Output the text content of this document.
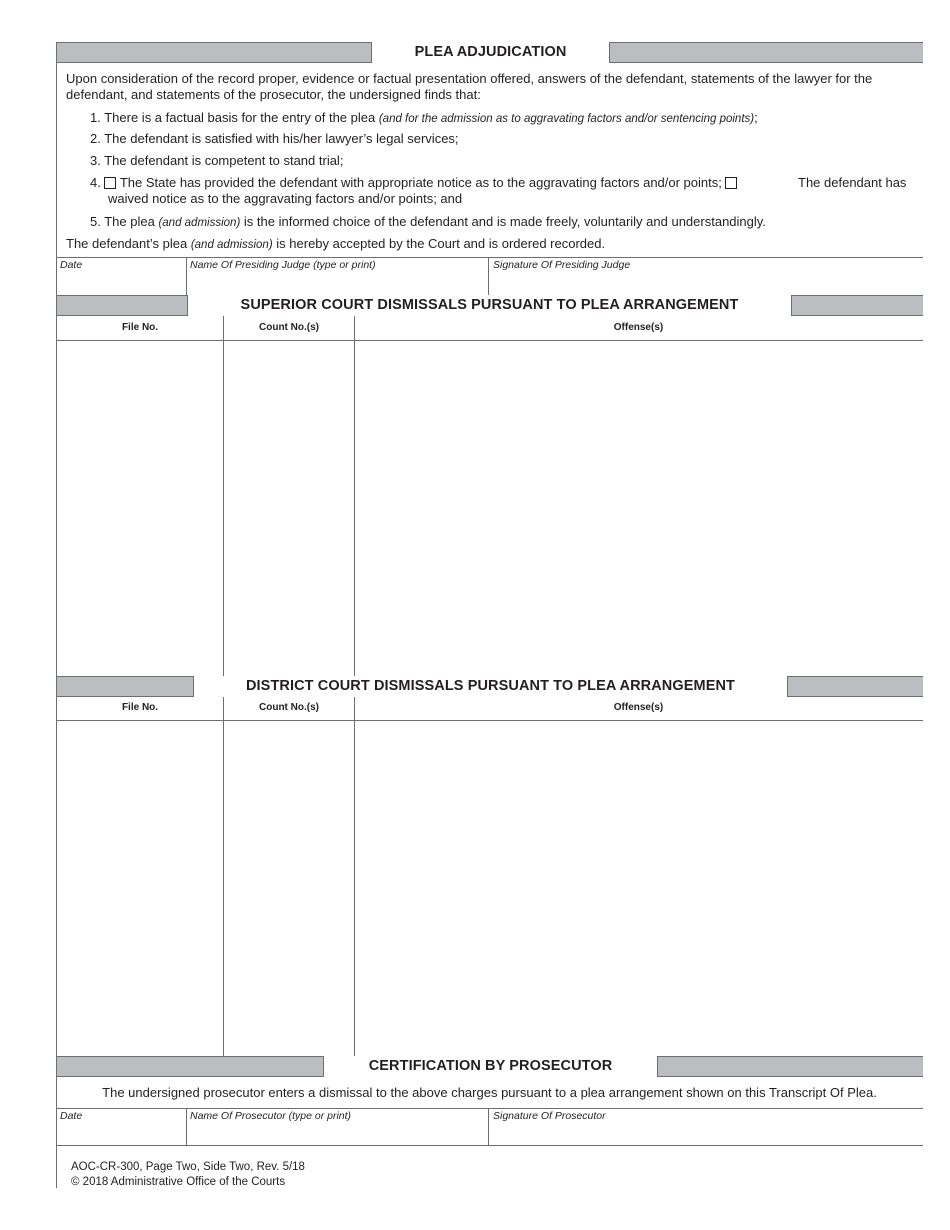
PLEA ADJUDICATION
Upon consideration of the record proper, evidence or factual presentation offered, answers of the defendant, statements of the lawyer for the defendant, and statements of the prosecutor, the undersigned finds that:
1. There is a factual basis for the entry of the plea (and for the admission as to aggravating factors and/or sentencing points);
2. The defendant is satisfied with his/her lawyer’s legal services;
3. The defendant is competent to stand trial;
4. The State has provided the defendant with appropriate notice as to the aggravating factors and/or points;	The defendant has waived notice as to the aggravating factors and/or points; and
5. The plea (and admission) is the informed choice of the defendant and is made freely, voluntarily and understandingly.
The defendant’s plea (and admission) is hereby accepted by the Court and is ordered recorded.
Date	Name Of Presiding Judge (type or print)	Signature Of Presiding Judge
SUPERIOR COURT DISMISSALS PURSUANT TO PLEA ARRANGEMENT
File No.	Count No.(s)	Offense(s)
DISTRICT COURT DISMISSALS PURSUANT TO PLEA ARRANGEMENT
File No.	Count No.(s)	Offense(s)
CERTIFICATION BY PROSECUTOR
The undersigned prosecutor enters a dismissal to the above charges pursuant to a plea arrangement shown on this Transcript Of Plea.
Date	Name Of Prosecutor (type or print)	Signature Of Prosecutor
AOC-CR-300, Page Two, Side Two, Rev. 5/18
© 2018 Administrative Office of the Courts
